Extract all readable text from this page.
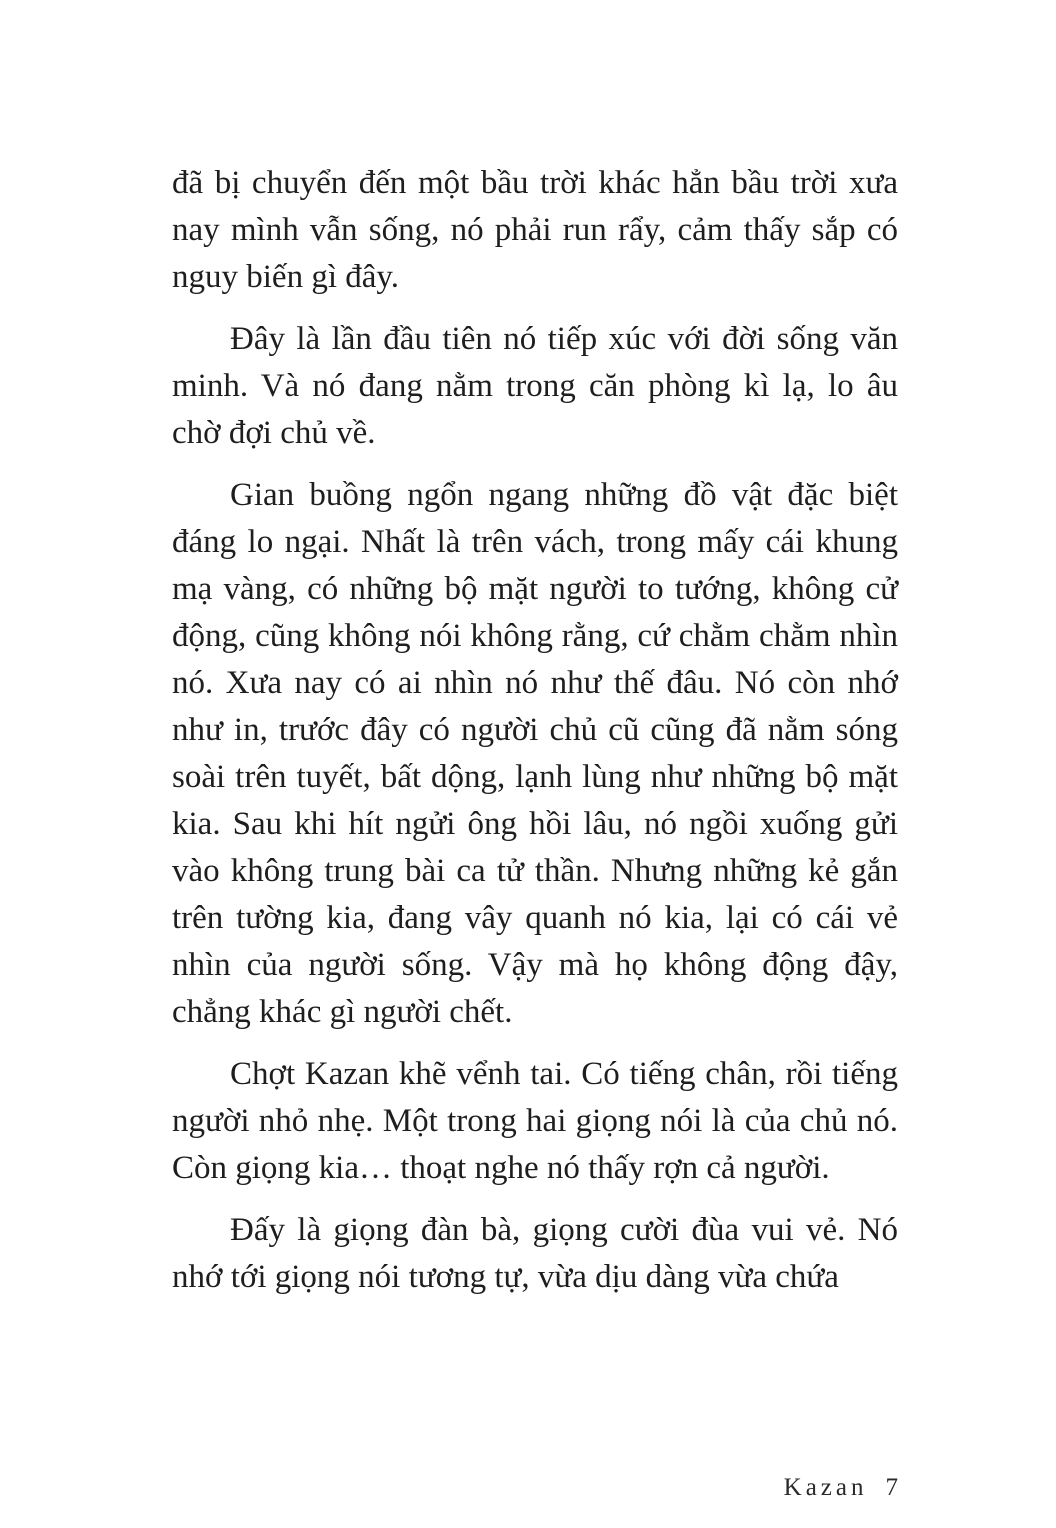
đã bị chuyển đến một bầu trời khác hẳn bầu trời xưa nay mình vẫn sống, nó phải run rẩy, cảm thấy sắp có nguy biến gì đây.

Đây là lần đầu tiên nó tiếp xúc với đời sống văn minh. Và nó đang nằm trong căn phòng kì lạ, lo âu chờ đợi chủ về.

Gian buồng ngổn ngang những đồ vật đặc biệt đáng lo ngại. Nhất là trên vách, trong mấy cái khung mạ vàng, có những bộ mặt người to tướng, không cử động, cũng không nói không rằng, cứ chằm chằm nhìn nó. Xưa nay có ai nhìn nó như thế đâu. Nó còn nhớ như in, trước đây có người chủ cũ cũng đã nằm sóng soài trên tuyết, bất dộng, lạnh lùng như những bộ mặt kia. Sau khi hít ngửi ông hồi lâu, nó ngồi xuống gửi vào không trung bài ca tử thần. Nhưng những kẻ gắn trên tường kia, đang vây quanh nó kia, lại có cái vẻ nhìn của người sống. Vậy mà họ không động đậy, chẳng khác gì người chết.

Chợt Kazan khẽ vểnh tai. Có tiếng chân, rồi tiếng người nhỏ nhẹ. Một trong hai giọng nói là của chủ nó. Còn giọng kia… thoạt nghe nó thấy rợn cả người.

Đấy là giọng đàn bà, giọng cười đùa vui vẻ. Nó nhớ tới giọng nói tương tự, vừa dịu dàng vừa chứa

Kazan 7
